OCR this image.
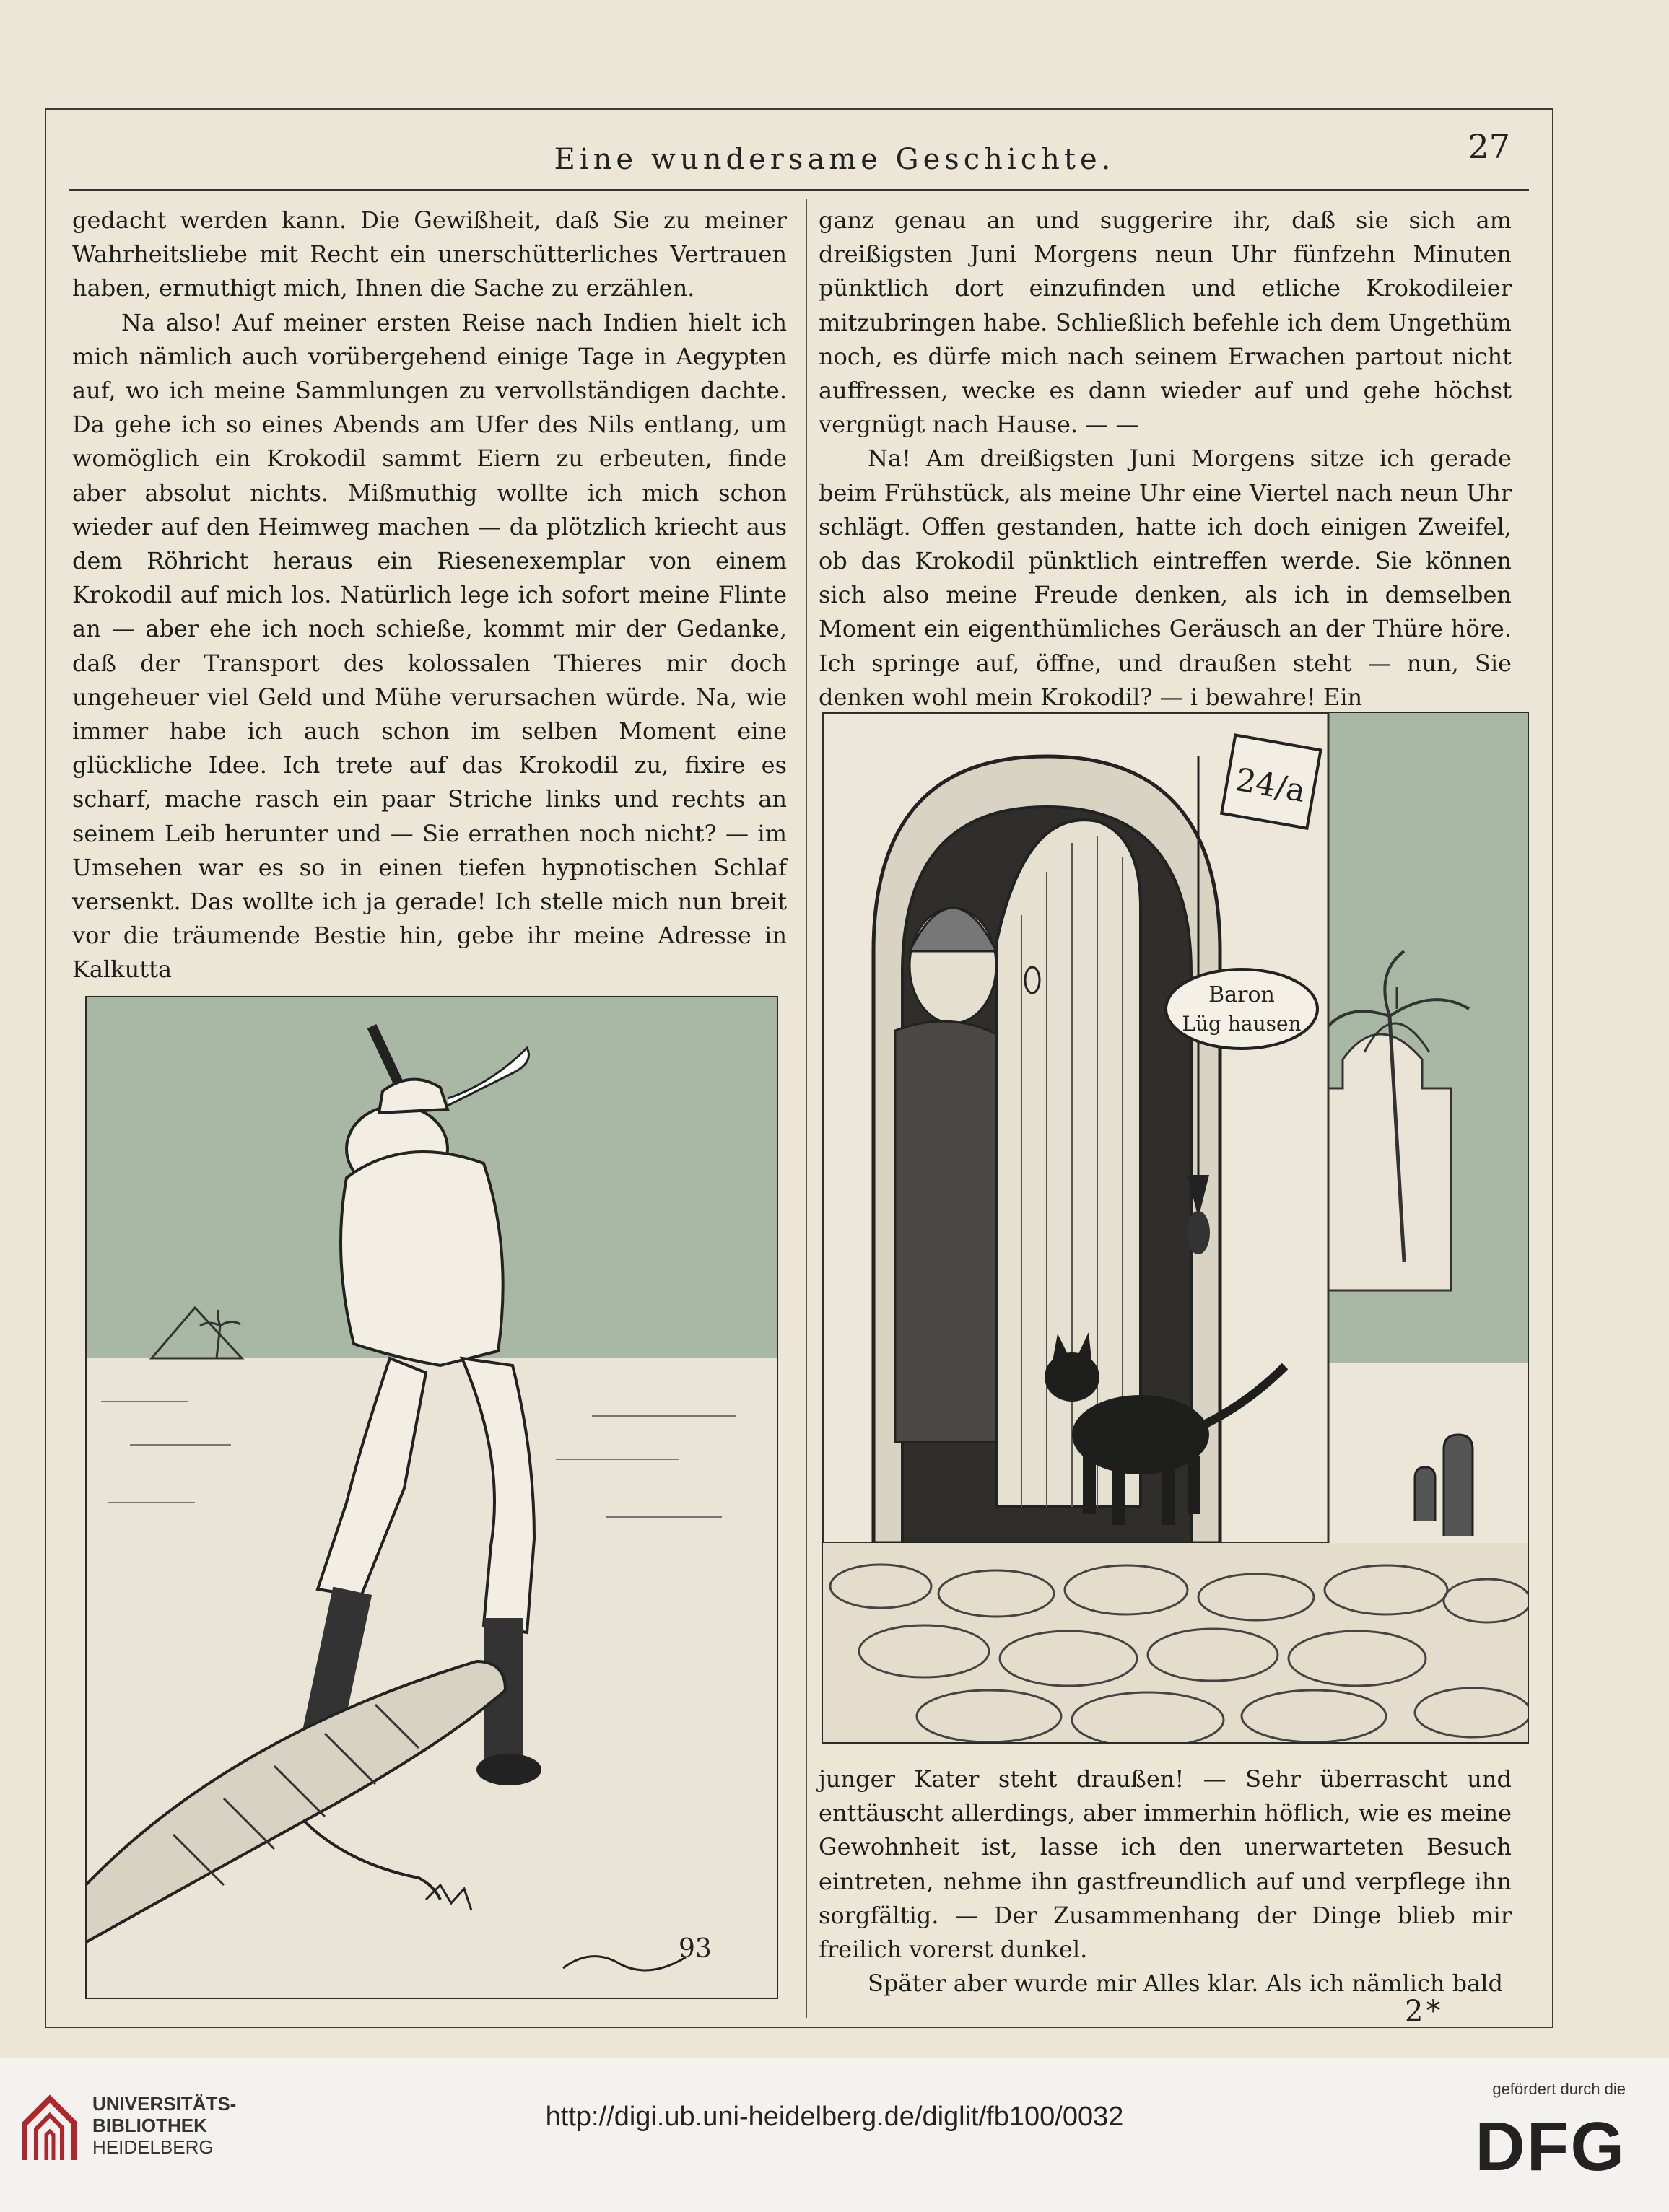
Eine wundersame Geschichte.	27

gedacht werden kann. Die Gewißheit, daß Sie zu meiner Wahrheitsliebe mit Recht ein unerschütterliches Vertrauen haben, ermuthigt mich, Ihnen die Sache zu erzählen.

Na also! Auf meiner ersten Reise nach Indien hielt ich mich nämlich auch vorübergehend einige Tage in Aegypten auf, wo ich meine Sammlungen zu vervollständigen dachte. Da gehe ich so eines Abends am Ufer des Nils entlang, um womöglich ein Krokodil sammt Eiern zu erbeuten, finde aber absolut nichts. Mißmuthig wollte ich mich schon wieder auf den Heimweg machen — da plötzlich kriecht aus dem Röhricht heraus ein Riesenexemplar von einem Krokodil auf mich los. Natürlich lege ich sofort meine Flinte an — aber ehe ich noch schieße, kommt mir der Gedanke, daß der Transport des kolossalen Thieres mir doch ungeheuer viel Geld und Mühe verursachen würde. Na, wie immer habe ich auch schon im selben Moment eine glückliche Idee. Ich trete auf das Krokodil zu, fixire es scharf, mache rasch ein paar Striche links und rechts an seinem Leib herunter und — Sie errathen noch nicht? — im Umsehen war es so in einen tiefen hypnotischen Schlaf versenkt. Das wollte ich ja gerade! Ich stelle mich nun breit vor die träumende Bestie hin, gebe ihr meine Adresse in Kalkutta

ganz genau an und suggerire ihr, daß sie sich am dreißigsten Juni Morgens neun Uhr fünfzehn Minuten pünktlich dort einzufinden und etliche Krokodileier mitzubringen habe. Schließlich befehle ich dem Ungethüm noch, es dürfe mich nach seinem Erwachen partout nicht auffressen, wecke es dann wieder auf und gehe höchst vergnügt nach Hause. — —

Na! Am dreißigsten Juni Morgens sitze ich gerade beim Frühstück, als meine Uhr eine Viertel nach neun Uhr schlägt. Offen gestanden, hatte ich doch einigen Zweifel, ob das Krokodil pünktlich eintreffen werde. Sie können sich also meine Freude denken, als ich in demselben Moment ein eigenthümliches Geräusch an der Thüre höre. Ich springe auf, öffne, und draußen steht — nun, Sie denken wohl mein Krokodil? — i bewahre! Ein

junger Kater steht draußen! — Sehr überrascht und enttäuscht allerdings, aber immerhin höflich, wie es meine Gewohnheit ist, lasse ich den unerwarteten Besuch eintreten, nehme ihn gastfreundlich auf und verpflege ihn sorgfältig. — Der Zusammenhang der Dinge blieb mir freilich vorerst dunkel.

Später aber wurde mir Alles klar. Als ich nämlich bald

93
24/a
Baron
Lüg hausen
2*
UNIVERSITÄTS-
BIBLIOTHEK
HEIDELBERG
http://digi.ub.uni-heidelberg.de/diglit/fb100/0032
gefördert durch die
DFG
